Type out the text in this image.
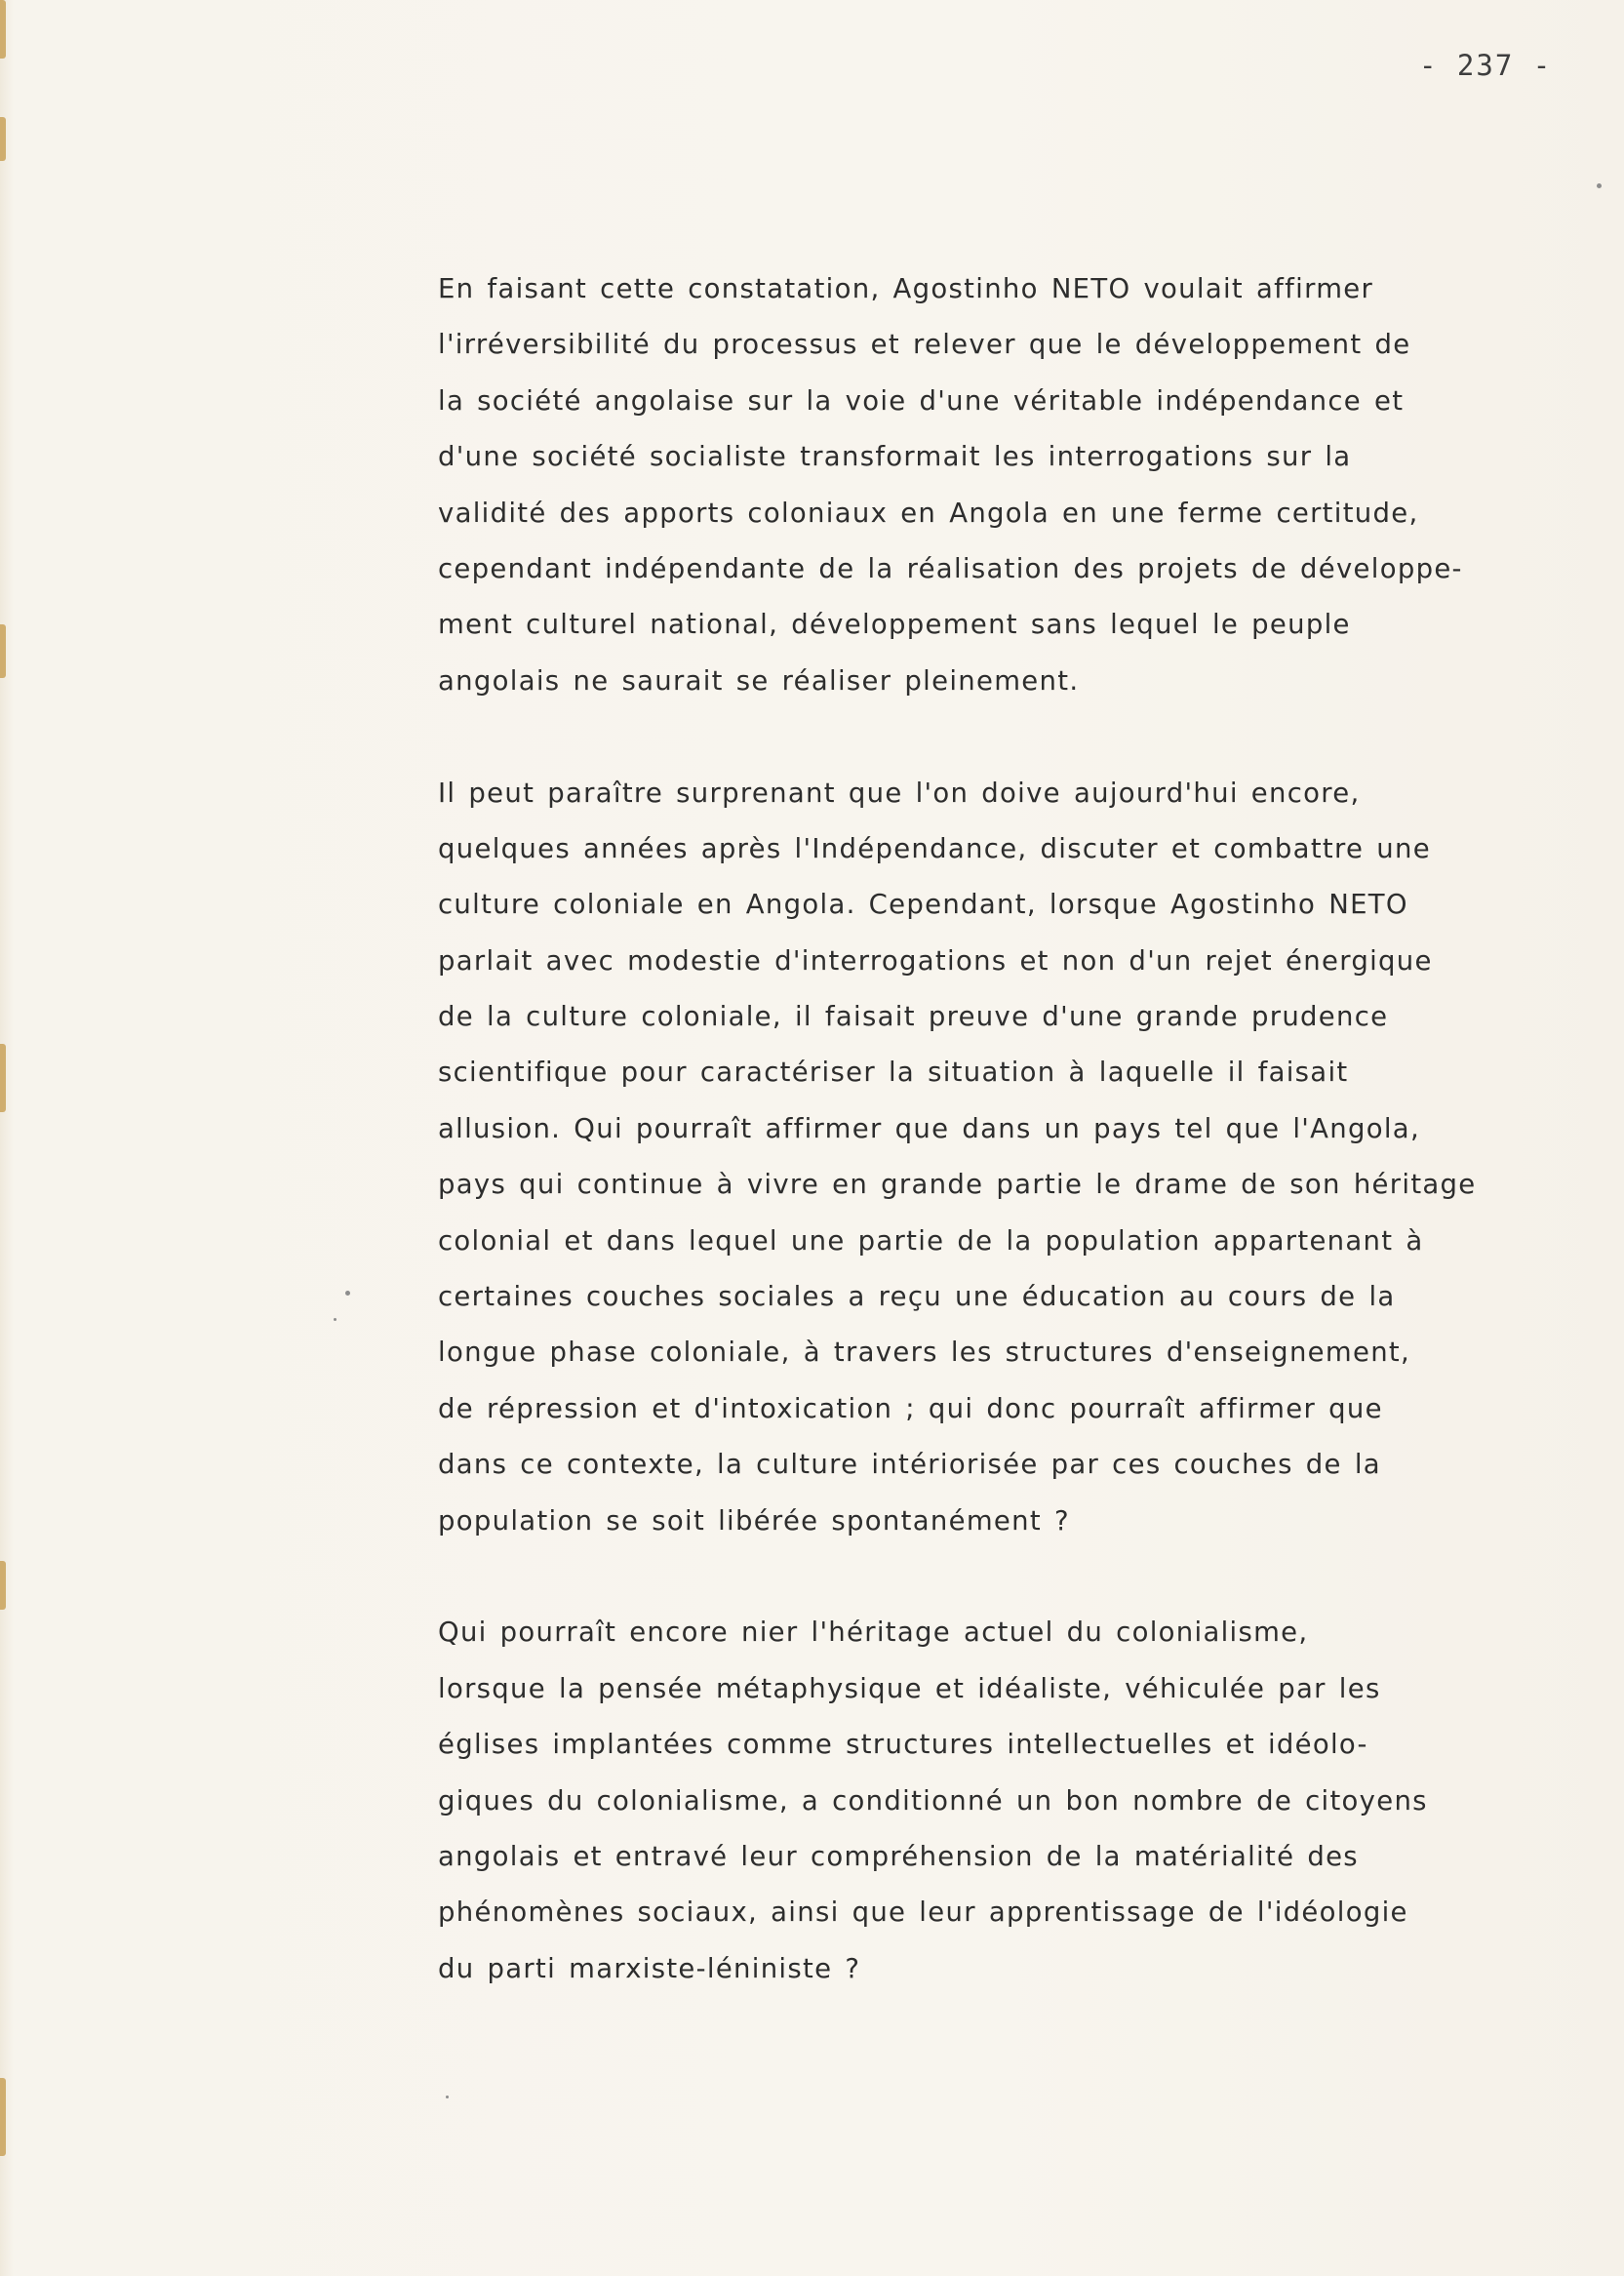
- 237 -
En faisant cette constatation, Agostinho NETO voulait affirmer
l'irréversibilité du processus et relever que le développement de
la société angolaise sur la voie d'une véritable indépendance et
d'une société socialiste transformait les interrogations sur la
validité des apports coloniaux en Angola en une ferme certitude,
cependant indépendante de la réalisation des projets de développe-
ment culturel national, développement sans lequel le peuple
angolais ne saurait se réaliser pleinement.
Il peut paraître surprenant que l'on doive aujourd'hui encore,
quelques années après l'Indépendance, discuter et combattre une
culture coloniale en Angola. Cependant, lorsque Agostinho NETO
parlait avec modestie d'interrogations et non d'un rejet énergique
de la culture coloniale, il faisait preuve d'une grande prudence
scientifique pour caractériser la situation à laquelle il faisait
allusion. Qui pourraît affirmer que dans un pays tel que l'Angola,
pays qui continue à vivre en grande partie le drame de son héritage
colonial et dans lequel une partie de la population appartenant à
certaines couches sociales a reçu une éducation au cours de la
longue phase coloniale, à travers les structures d'enseignement,
de répression et d'intoxication ; qui donc pourraît affirmer que
dans ce contexte, la culture intériorisée par ces couches de la
population se soit libérée spontanément ?
Qui pourraît encore nier l'héritage actuel du colonialisme,
lorsque la pensée métaphysique et idéaliste, véhiculée par les
églises implantées comme structures intellectuelles et idéolo-
giques du colonialisme, a conditionné un bon nombre de citoyens
angolais et entravé leur compréhension de la matérialité des
phénomènes sociaux, ainsi que leur apprentissage de l'idéologie
du parti marxiste-léniniste ?
